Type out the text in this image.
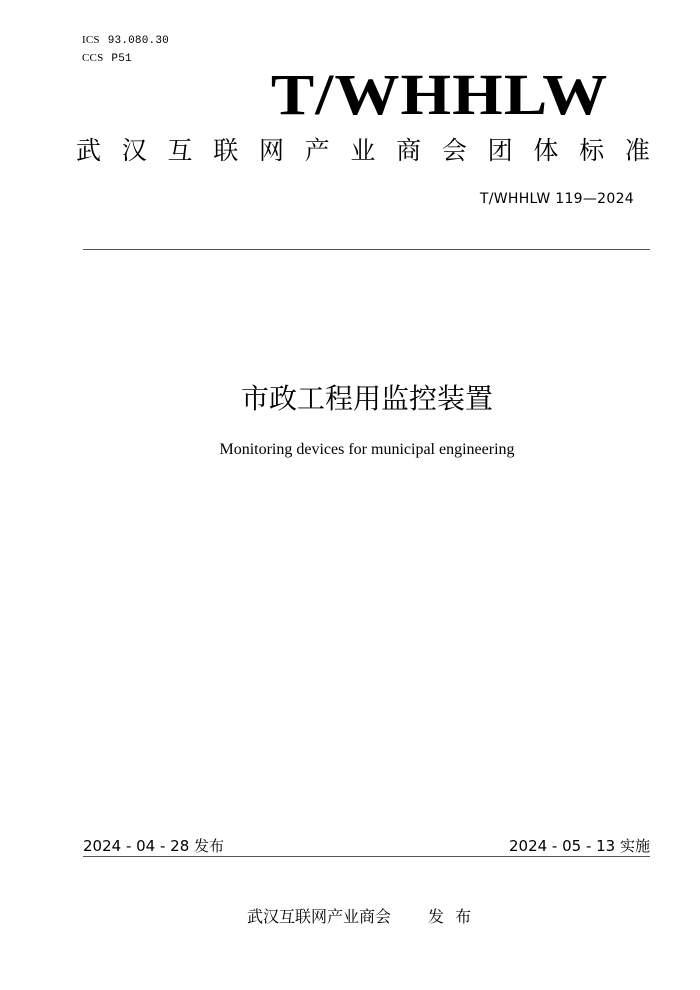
ICS 93.080.30
CCS P51
T/WHHLW
武 汉 互 联 网 产 业 商 会 团 体 标 准
T/WHHLW 119—2024
市政工程用监控装置
Monitoring devices for municipal engineering
2024 - 04 - 28 发布	2024 - 05 - 13 实施
武汉互联网产业商会 发 布
